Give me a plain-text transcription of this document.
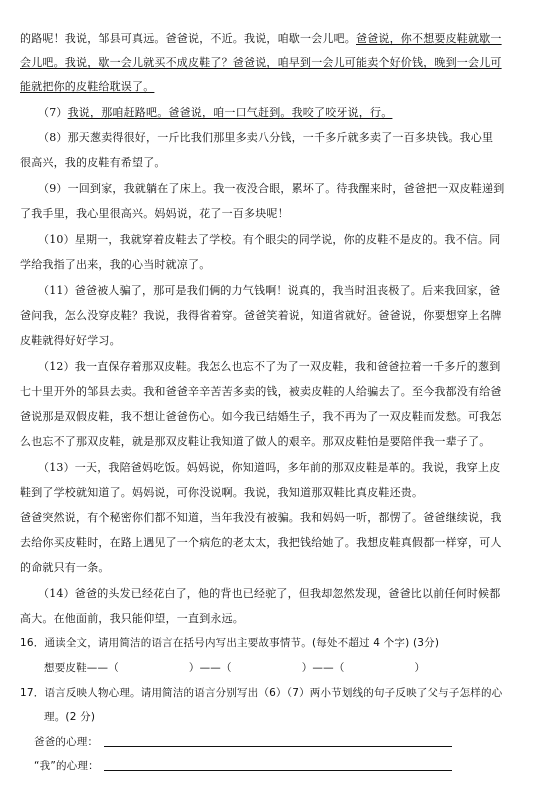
的路呢！我说，邹县可真远。爸爸说，不近。我说，咱歇一会儿吧。爸爸说，你不想要皮鞋就歇一
会儿吧。我说，歇一会儿就买不成皮鞋了？爸爸说，咱早到一会儿可能卖个好价钱，晚到一会儿可
能就把你的皮鞋给耽误了。
（7）我说，那咱赶路吧。爸爸说，咱一口气赶到。我咬了咬牙说，行。
（8）那天葱卖得很好，一斤比我们那里多卖八分钱，一千多斤就多卖了一百多块钱。我心里
很高兴，我的皮鞋有希望了。
（9）一回到家，我就躺在了床上。我一夜没合眼，累坏了。待我醒来时，爸爸把一双皮鞋递到
了我手里，我心里很高兴。妈妈说，花了一百多块呢！
（10）星期一，我就穿着皮鞋去了学校。有个眼尖的同学说，你的皮鞋不是皮的。我不信。同
学给我指了出来，我的心当时就凉了。
（11）爸爸被人骗了，那可是我们俩的力气钱啊！说真的，我当时沮丧极了。后来我回家，爸
爸问我，怎么没穿皮鞋？我说，我得省着穿。爸爸笑着说，知道省就好。爸爸说，你要想穿上名牌
皮鞋就得好好学习。
（12）我一直保存着那双皮鞋。我怎么也忘不了为了一双皮鞋，我和爸爸拉着一千多斤的葱到
七十里开外的邹县去卖。我和爸爸辛辛苦苦多卖的钱，被卖皮鞋的人给骗去了。至今我都没有给爸
爸说那是双假皮鞋，我不想让爸爸伤心。如今我已结婚生子，我不再为了一双皮鞋而发愁。可我怎
么也忘不了那双皮鞋，就是那双皮鞋让我知道了做人的艰辛。那双皮鞋怕是要陪伴我一辈子了。
（13）一天，我陪爸妈吃饭。妈妈说，你知道吗，多年前的那双皮鞋是革的。我说，我穿上皮
鞋到了学校就知道了。妈妈说，可你没说啊。我说，我知道那双鞋比真皮鞋还贵。
爸爸突然说，有个秘密你们都不知道，当年我没有被骗。我和妈妈一听，都愣了。爸爸继续说，我
去给你买皮鞋时，在路上遇见了一个病危的老太太，我把钱给她了。我想皮鞋真假都一样穿，可人
的命就只有一条。
（14）爸爸的头发已经花白了，他的背也已经驼了，但我却忽然发现，爸爸比以前任何时候都
高大。在他面前，我只能仰望，一直到永远。
16．通读全文，请用简洁的语言在括号内写出主要故事情节。(每处不超过 4 个字) (3分)
想要皮鞋——（	）——（	）——（	）
17．语言反映人物心理。请用简洁的语言分别写出（6）（7）两小节划线的句子反映了父与子怎样的心
理。(2 分)
爸爸的心理：
“我”的心理：
